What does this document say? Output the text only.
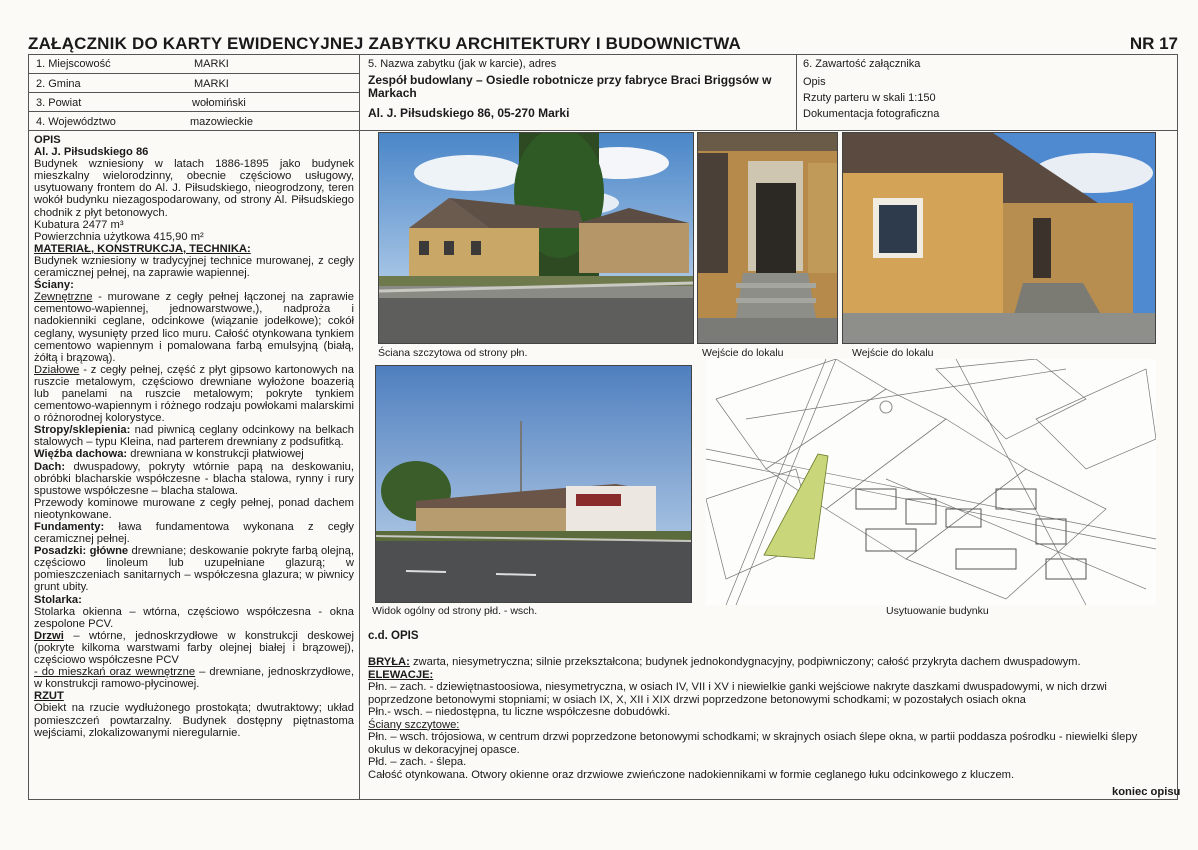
ZAŁĄCZNIK DO KARTY EWIDENCYJNEJ ZABYTKU ARCHITEKTURY I BUDOWNICTWA	NR 17
1. Miejscowość	MARKI
2. Gmina	MARKI
3. Powiat	wołomiński
4. Województwo	mazowieckie
5. Nazwa zabytku (jak w karcie), adres
Zespół budowlany – Osiedle robotnicze przy fabryce Braci Briggsów w Markach
Al. J. Piłsudskiego 86, 05-270 Marki
6. Zawartość załącznika
Opis
Rzuty parteru w skali 1:150
Dokumentacja fotograficzna
OPIS
Al. J. Piłsudskiego 86
Budynek wzniesiony w latach 1886-1895 jako budynek mieszkalny wielorodzinny, obecnie częściowo usługowy, usytuowany frontem do Al. J. Piłsudskiego, nieogrodzony, teren wokół budynku niezagospodarowany, od strony Al. Piłsudskiego chodnik z płyt betonowych.
Kubatura 2477 m³
Powierzchnia użytkowa 415,90 m²
MATERIAŁ, KONSTRUKCJA, TECHNIKA:
Budynek wzniesiony w tradycyjnej technice murowanej, z cegły ceramicznej pełnej, na zaprawie wapiennej.
Ściany:
Zewnętrzne - murowane z cegły pełnej łączonej na zaprawie cementowo-wapiennej, jednowarstwowe,), nadproża i nadokienniki ceglane, odcinkowe (wiązanie jodełkowe); cokół ceglany, wysunięty przed lico muru. Całość otynkowana tynkiem cementowo wapiennym i pomalowana farbą emulsyjną (białą, żółtą i brązową).
Działowe - z cegły pełnej, część z płyt gipsowo kartonowych na ruszcie metalowym, częściowo drewniane wyłożone boazerią lub panelami na ruszcie metalowym; pokryte tynkiem cementowo-wapiennym i różnego rodzaju powłokami malarskimi o różnorodnej kolorystyce.
Stropy/sklepienia: nad piwnicą ceglany odcinkowy na belkach stalowych – typu Kleina, nad parterem drewniany z podsufitką.
Więźba dachowa: drewniana w konstrukcji płatwiowej
Dach: dwuspadowy, pokryty wtórnie papą na deskowaniu, obróbki blacharskie współczesne - blacha stalowa, rynny i rury spustowe współczesne – blacha stalowa.
Przewody kominowe murowane z cegły pełnej, ponad dachem nieotynkowane.
Fundamenty: ława fundamentowa wykonana z cegły ceramicznej pełnej.
Posadzki: główne drewniane; deskowanie pokryte farbą olejną, częściowo linoleum lub uzupełniane glazurą; w pomieszczeniach sanitarnych – współczesna glazura; w piwnicy grunt ubity.
Stolarka:
Stolarka okienna – wtórna, częściowo współczesna - okna zespolone PCV.
Drzwi – wtórne, jednoskrzydłowe w konstrukcji deskowej (pokryte kilkoma warstwami farby olejnej białej i brązowej), częściowo współczesne PCV
- do mieszkań oraz wewnętrzne – drewniane, jednoskrzydłowe, w konstrukcji ramowo-płycinowej.
RZUT
Obiekt na rzucie wydłużonego prostokąta; dwutraktowy; układ pomieszczeń powtarzalny. Budynek dostępny piętnastoma wejściami, zlokalizowanymi nieregularnie.
Ściana szczytowa od strony płn.	Wejście do lokalu	Wejście do lokalu
Widok ogólny od strony płd. - wsch.	Usytuowanie budynku
c.d. OPIS
BRYŁA: zwarta, niesymetryczna; silnie przekształcona; budynek jednokondygnacyjny, podpiwniczony; całość przykryta dachem dwuspadowym.
ELEWACJE:
Płn. – zach. - dziewiętnastoosiowa, niesymetryczna, w osiach IV, VII i XV i niewielkie ganki wejściowe nakryte daszkami dwuspadowymi, w nich drzwi poprzedzone betonowymi stopniami; w osiach IX, X, XII i XIX drzwi poprzedzone betonowymi schodkami; w pozostałych osiach okna
Płn.- wsch. – niedostępna, tu liczne współczesne dobudówki.
Ściany szczytowe:
Płn. – wsch. trójosiowa, w centrum drzwi poprzedzone betonowymi schodkami; w skrajnych osiach ślepe okna, w partii poddasza pośrodku - niewielki ślepy okulus w dekoracyjnej opasce.
Płd. – zach. - ślepa.
Całość otynkowana. Otwory okienne oraz drzwiowe zwieńczone nadokiennikami w formie ceglanego łuku odcinkowego z kluczem.
koniec opisu
